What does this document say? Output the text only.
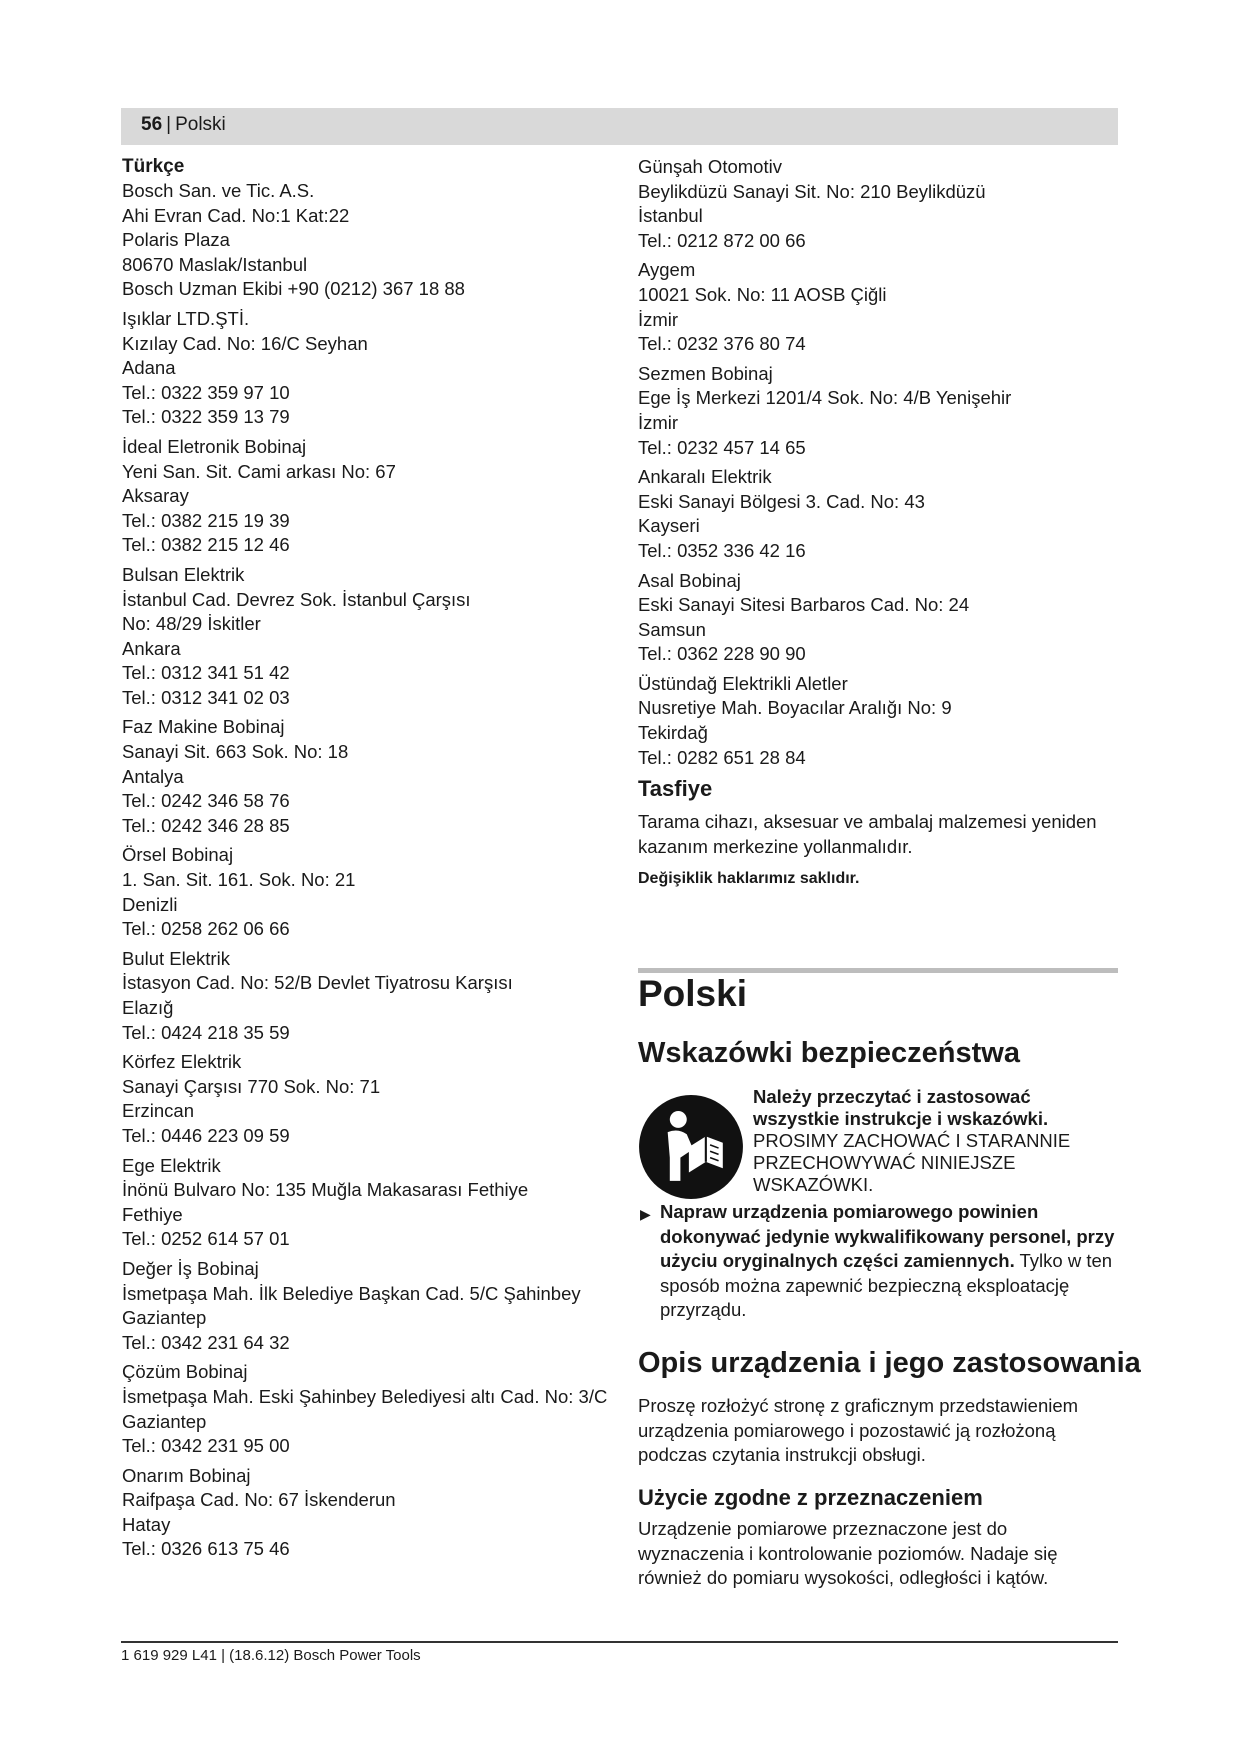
56 | Polski
Türkçe
Bosch San. ve Tic. A.S.
Ahi Evran Cad. No:1 Kat:22
Polaris Plaza
80670 Maslak/Istanbul
Bosch Uzman Ekibi +90 (0212) 367 18 88
Işıklar LTD.ŞTİ.
Kızılay Cad. No: 16/C Seyhan
Adana
Tel.: 0322 359 97 10
Tel.: 0322 359 13 79
İdeal Eletronik Bobinaj
Yeni San. Sit. Cami arkası No: 67
Aksaray
Tel.: 0382 215 19 39
Tel.: 0382 215 12 46
Bulsan Elektrik
İstanbul Cad. Devrez Sok. İstanbul Çarşısı
No: 48/29 İskitler
Ankara
Tel.: 0312 341 51 42
Tel.: 0312 341 02 03
Faz Makine Bobinaj
Sanayi Sit. 663 Sok. No: 18
Antalya
Tel.: 0242 346 58 76
Tel.: 0242 346 28 85
Örsel Bobinaj
1. San. Sit. 161. Sok. No: 21
Denizli
Tel.: 0258 262 06 66
Bulut Elektrik
İstasyon Cad. No: 52/B Devlet Tiyatrosu Karşısı
Elazığ
Tel.: 0424 218 35 59
Körfez Elektrik
Sanayi Çarşısı 770 Sok. No: 71
Erzincan
Tel.: 0446 223 09 59
Ege Elektrik
İnönü Bulvaro No: 135 Muğla Makasarası Fethiye
Fethiye
Tel.: 0252 614 57 01
Değer İş Bobinaj
İsmetpaşa Mah. İlk Belediye Başkan Cad. 5/C Şahinbey
Gaziantep
Tel.: 0342 231 64 32
Çözüm Bobinaj
İsmetpaşa Mah. Eski Şahinbey Belediyesi altı Cad. No: 3/C
Gaziantep
Tel.: 0342 231 95 00
Onarım Bobinaj
Raifpaşa Cad. No: 67 İskenderun
Hatay
Tel.: 0326 613 75 46
Günşah Otomotiv
Beylikdüzü Sanayi Sit. No: 210 Beylikdüzü
İstanbul
Tel.: 0212 872 00 66
Aygem
10021 Sok. No: 11 AOSB Çiğli
İzmir
Tel.: 0232 376 80 74
Sezmen Bobinaj
Ege İş Merkezi 1201/4 Sok. No: 4/B Yenişehir
İzmir
Tel.: 0232 457 14 65
Ankaralı Elektrik
Eski Sanayi Bölgesi 3. Cad. No: 43
Kayseri
Tel.: 0352 336 42 16
Asal Bobinaj
Eski Sanayi Sitesi Barbaros Cad. No: 24
Samsun
Tel.: 0362 228 90 90
Üstündağ Elektrikli Aletler
Nusretiye Mah. Boyacılar Aralığı No: 9
Tekirdağ
Tel.: 0282 651 28 84
Tasfiye
Tarama cihazı, aksesuar ve ambalaj malzemesi yeniden kazanım merkezine yollanmalıdır.
Değişiklik haklarımız saklıdır.
Polski
Wskazówki bezpieczeństwa
Należy przeczytać i zastosować wszystkie instrukcje i wskazówki. PROSIMY ZACHOWAĆ I STARANNIE PRZECHOWYWAĆ NINIEJSZE WSKAZÓWKI.
▶ Napraw urządzenia pomiarowego powinien dokonywać jedynie wykwalifikowany personel, przy użyciu oryginalnych części zamiennych. Tylko w ten sposób można zapewnić bezpieczną eksploatację przyrządu.
Opis urządzenia i jego zastosowania
Proszę rozłożyć stronę z graficznym przedstawieniem urządzenia pomiarowego i pozostawić ją rozłożoną podczas czytania instrukcji obsługi.
Użycie zgodne z przeznaczeniem
Urządzenie pomiarowe przeznaczone jest do wyznaczenia i kontrolowanie poziomów. Nadaje się również do pomiaru wysokości, odległości i kątów.
1 619 929 L41 | (18.6.12) Bosch Power Tools
